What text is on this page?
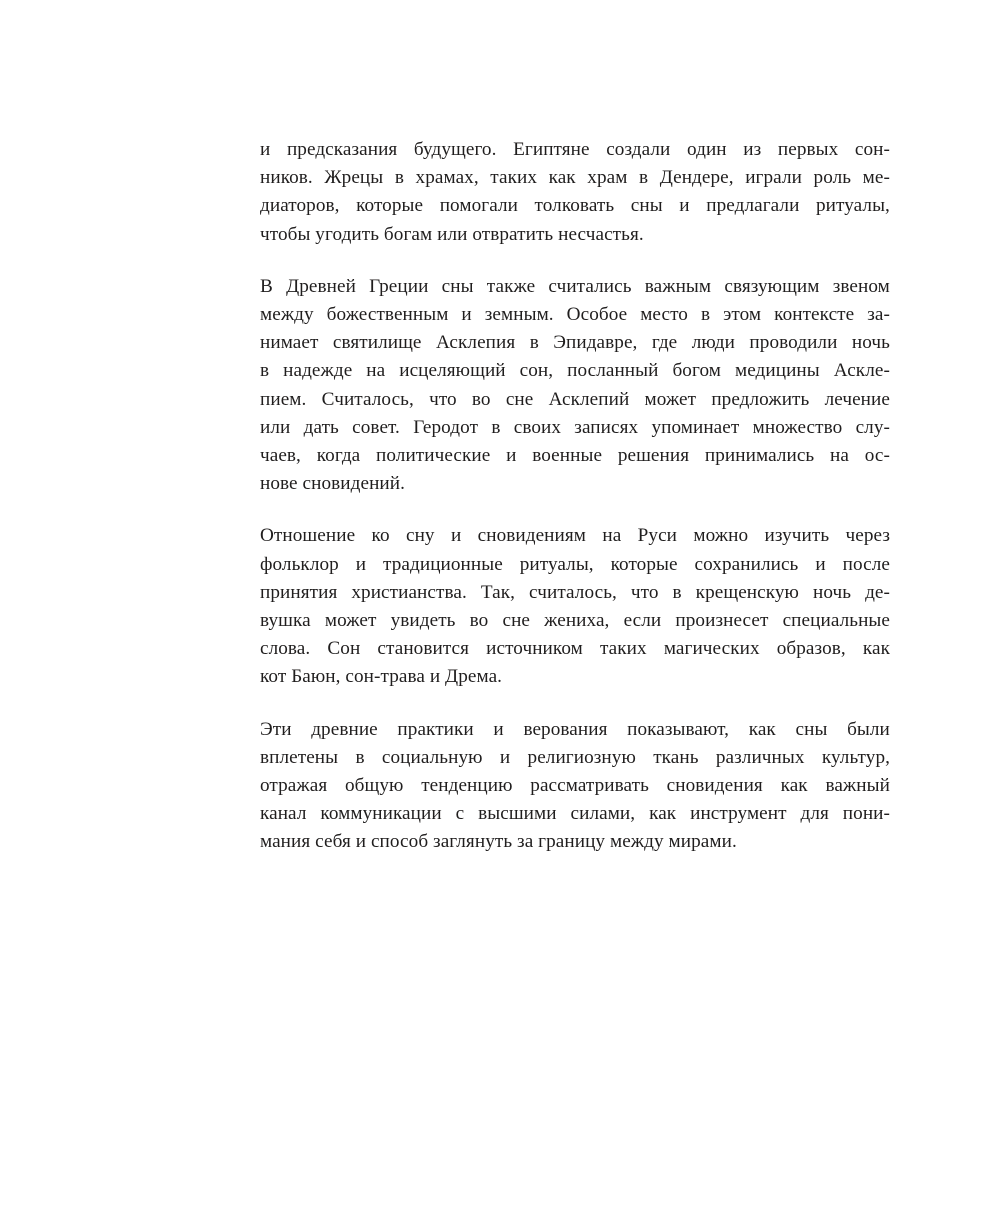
и предсказания будущего. Египтяне создали один из первых сон-
ников. Жрецы в храмах, таких как храм в Дендере, играли роль ме-
диаторов, которые помогали толковать сны и предлагали ритуалы,
чтобы угодить богам или отвратить несчастья.

В Древней Греции сны также считались важным связующим звеном
между божественным и земным. Особое место в этом контексте за-
нимает святилище Асклепия в Эпидавре, где люди проводили ночь
в надежде на исцеляющий сон, посланный богом медицины Аскле-
пием. Считалось, что во сне Асклепий может предложить лечение
или дать совет. Геродот в своих записях упоминает множество слу-
чаев, когда политические и военные решения принимались на ос-
нове сновидений.

Отношение ко сну и сновидениям на Руси можно изучить через
фольклор и традиционные ритуалы, которые сохранились и после
принятия христианства. Так, считалось, что в крещенскую ночь де-
вушка может увидеть во сне жениха, если произнесет специальные
слова. Сон становится источником таких магических образов, как
кот Баюн, сон-трава и Дрема.

Эти древние практики и верования показывают, как сны были
вплетены в социальную и религиозную ткань различных культур,
отражая общую тенденцию рассматривать сновидения как важный
канал коммуникации с высшими силами, как инструмент для пони-
мания себя и способ заглянуть за границу между мирами.
